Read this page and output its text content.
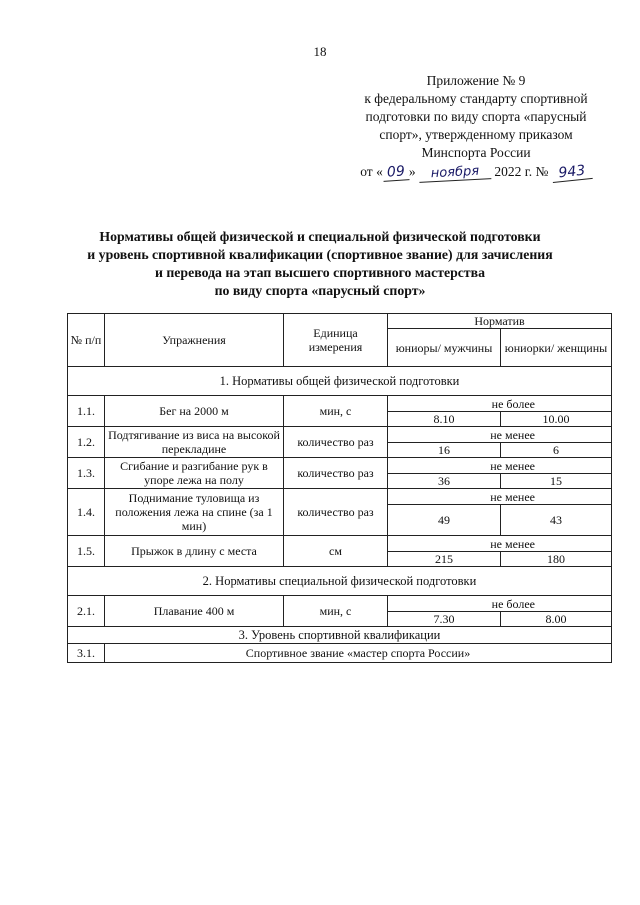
18
Приложение № 9
к федеральному стандарту спортивной
подготовки по виду спорта «парусный
спорт», утвержденному приказом
Минспорта России
от « 09 » ноября 2022 г. № 943
Нормативы общей физической и специальной физической подготовки
и уровень спортивной квалификации (спортивное звание) для зачисления
и перевода на этап высшего спортивного мастерства
по виду спорта «парусный спорт»
№ п/п	Упражнения	Единица измерения	Норматив	
			юниоры/ мужчины	юниорки/ женщины
1. Нормативы общей физической подготовки				
1.1.	Бег на 2000 м	мин, с	не более	
			8.10	10.00
1.2.	Подтягивание из виса на высокой перекладине	количество раз	не менее	
			16	6
1.3.	Сгибание и разгибание рук в упоре лежа на полу	количество раз	не менее	
			36	15
1.4.	Поднимание туловища из положения лежа на спине (за 1 мин)	количество раз	не менее	
			49	43
1.5.	Прыжок в длину с места	см	не менее	
			215	180
2. Нормативы специальной физической подготовки				
2.1.	Плавание 400 м	мин, с	не более	
			7.30	8.00
3. Уровень спортивной квалификации				
3.1.	Спортивное звание «мастер спорта России»			
